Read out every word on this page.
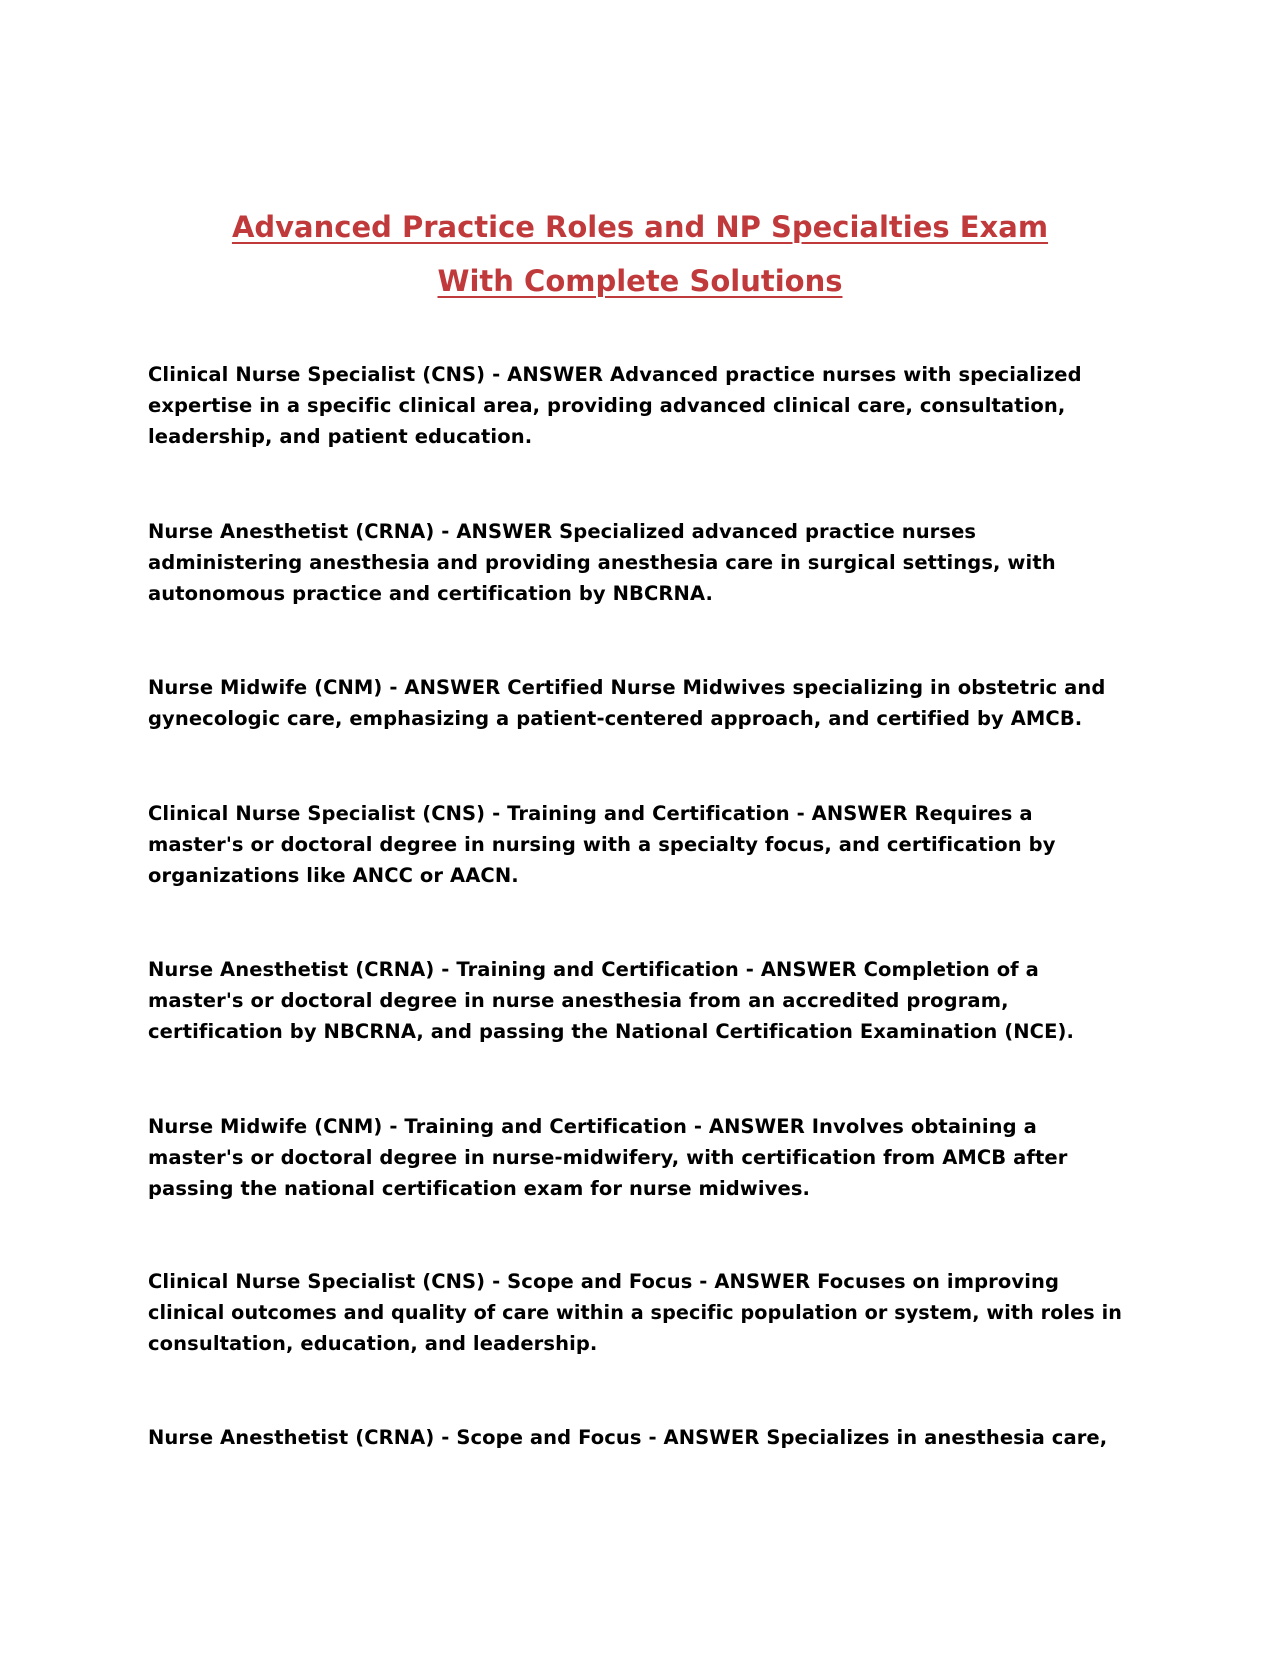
Advanced Practice Roles and NP Specialties Exam
With Complete Solutions

Clinical Nurse Specialist (CNS) - ANSWER Advanced practice nurses with specialized
expertise in a specific clinical area, providing advanced clinical care, consultation,
leadership, and patient education.

Nurse Anesthetist (CRNA) - ANSWER Specialized advanced practice nurses
administering anesthesia and providing anesthesia care in surgical settings, with
autonomous practice and certification by NBCRNA.

Nurse Midwife (CNM) - ANSWER Certified Nurse Midwives specializing in obstetric and
gynecologic care, emphasizing a patient-centered approach, and certified by AMCB.

Clinical Nurse Specialist (CNS) - Training and Certification - ANSWER Requires a
master's or doctoral degree in nursing with a specialty focus, and certification by
organizations like ANCC or AACN.

Nurse Anesthetist (CRNA) - Training and Certification - ANSWER Completion of a
master's or doctoral degree in nurse anesthesia from an accredited program,
certification by NBCRNA, and passing the National Certification Examination (NCE).

Nurse Midwife (CNM) - Training and Certification - ANSWER Involves obtaining a
master's or doctoral degree in nurse-midwifery, with certification from AMCB after
passing the national certification exam for nurse midwives.

Clinical Nurse Specialist (CNS) - Scope and Focus - ANSWER Focuses on improving
clinical outcomes and quality of care within a specific population or system, with roles in
consultation, education, and leadership.

Nurse Anesthetist (CRNA) - Scope and Focus - ANSWER Specializes in anesthesia care,
